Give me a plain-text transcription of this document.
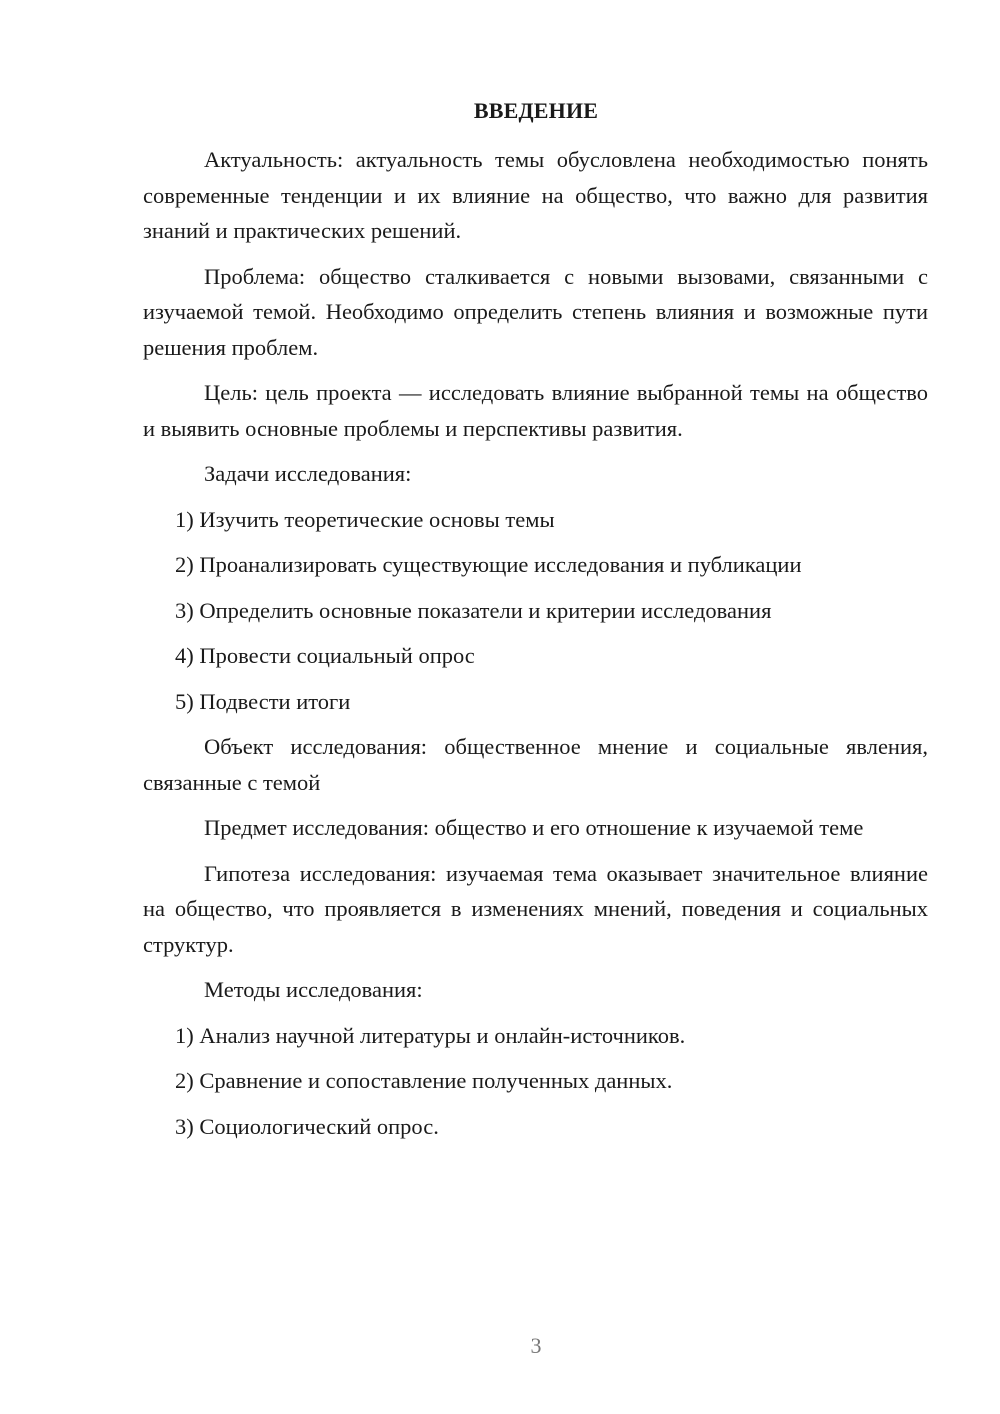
ВВЕДЕНИЕ

Актуальность: актуальность темы обусловлена необходимостью понять современные тенденции и их влияние на общество, что важно для развития знаний и практических решений.

Проблема: общество сталкивается с новыми вызовами, связанными с изучаемой темой. Необходимо определить степень влияния и возможные пути решения проблем.

Цель: цель проекта — исследовать влияние выбранной темы на общество и выявить основные проблемы и перспективы развития.

Задачи исследования:

1) Изучить теоретические основы темы

2) Проанализировать существующие исследования и публикации

3) Определить основные показатели и критерии исследования

4) Провести социальный опрос

5) Подвести итоги

Объект исследования: общественное мнение и социальные явления, связанные с темой

Предмет исследования: общество и его отношение к изучаемой теме

Гипотеза исследования: изучаемая тема оказывает значительное влияние на общество, что проявляется в изменениях мнений, поведения и социальных структур.

Методы исследования:

1) Анализ научной литературы и онлайн-источников.

2) Сравнение и сопоставление полученных данных.

3) Социологический опрос.

3
